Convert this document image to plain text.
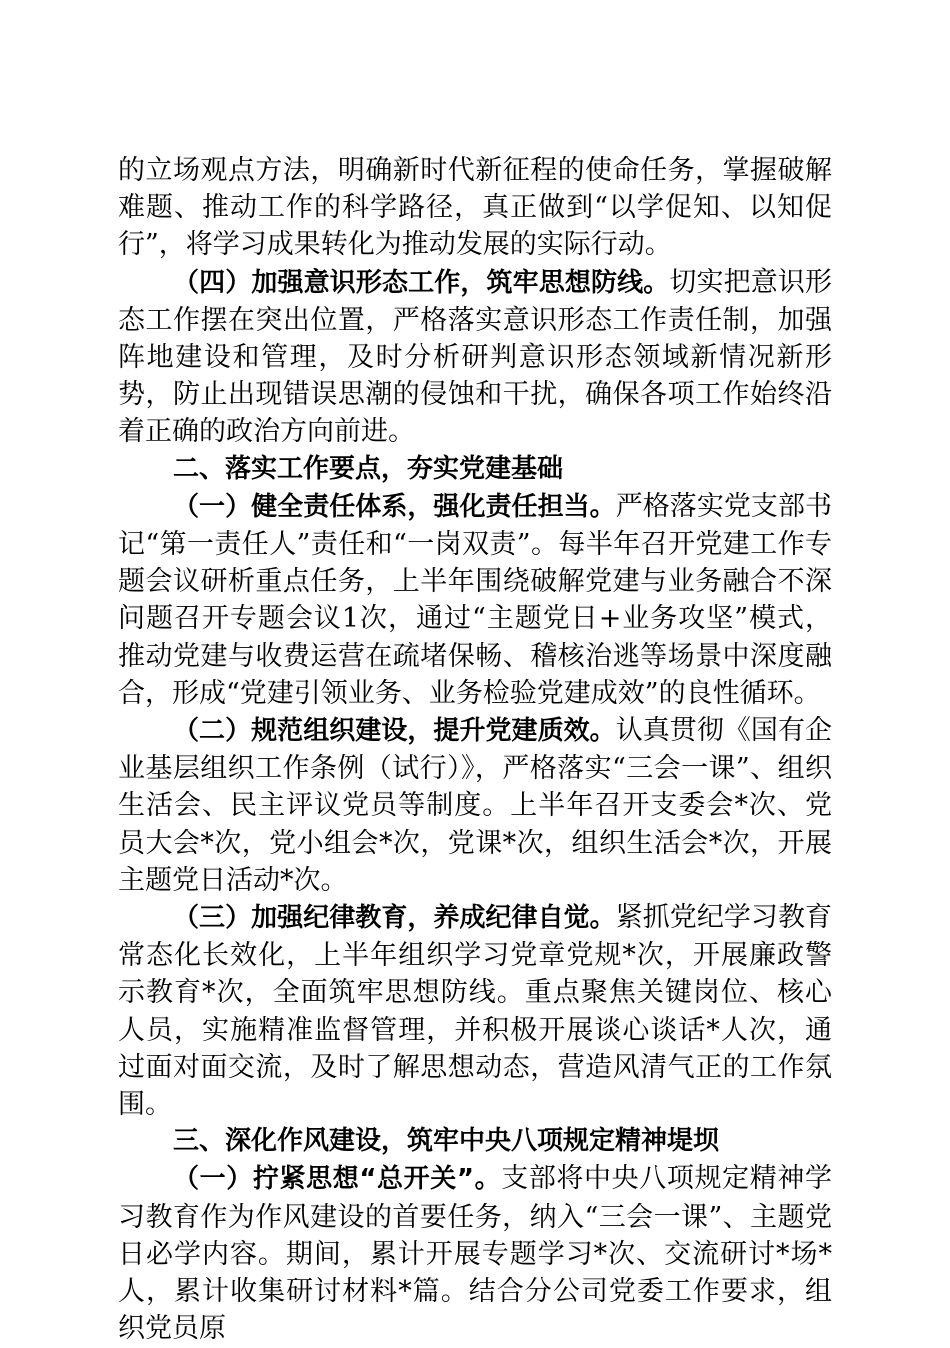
的立场观点方法，明确新时代新征程的使命任务，掌握破解难题、推动工作的科学路径，真正做到“以学促知、以知促行”，将学习成果转化为推动发展的实际行动。

（四）加强意识形态工作，筑牢思想防线。切实把意识形态工作摆在突出位置，严格落实意识形态工作责任制，加强阵地建设和管理，及时分析研判意识形态领域新情况新形势，防止出现错误思潮的侵蚀和干扰，确保各项工作始终沿着正确的政治方向前进。

二、落实工作要点，夯实党建基础

（一）健全责任体系，强化责任担当。严格落实党支部书记“第一责任人”责任和“一岗双责”。每半年召开党建工作专题会议研析重点任务，上半年围绕破解党建与业务融合不深问题召开专题会议1次，通过“主题党日+业务攻坚”模式，推动党建与收费运营在疏堵保畅、稽核治逃等场景中深度融合，形成“党建引领业务、业务检验党建成效”的良性循环。

（二）规范组织建设，提升党建质效。认真贯彻《国有企业基层组织工作条例（试行）》，严格落实“三会一课”、组织生活会、民主评议党员等制度。上半年召开支委会*次、党员大会*次，党小组会*次，党课*次，组织生活会*次，开展主题党日活动*次。

（三）加强纪律教育，养成纪律自觉。紧抓党纪学习教育常态化长效化，上半年组织学习党章党规*次，开展廉政警示教育*次，全面筑牢思想防线。重点聚焦关键岗位、核心人员，实施精准监督管理，并积极开展谈心谈话*人次，通过面对面交流，及时了解思想动态，营造风清气正的工作氛围。

三、深化作风建设，筑牢中央八项规定精神堤坝

（一）拧紧思想“总开关”。支部将中央八项规定精神学习教育作为作风建设的首要任务，纳入“三会一课”、主题党日必学内容。期间，累计开展专题学习*次、交流研讨*场*人，累计收集研讨材料*篇。结合分公司党委工作要求，组织党员原
